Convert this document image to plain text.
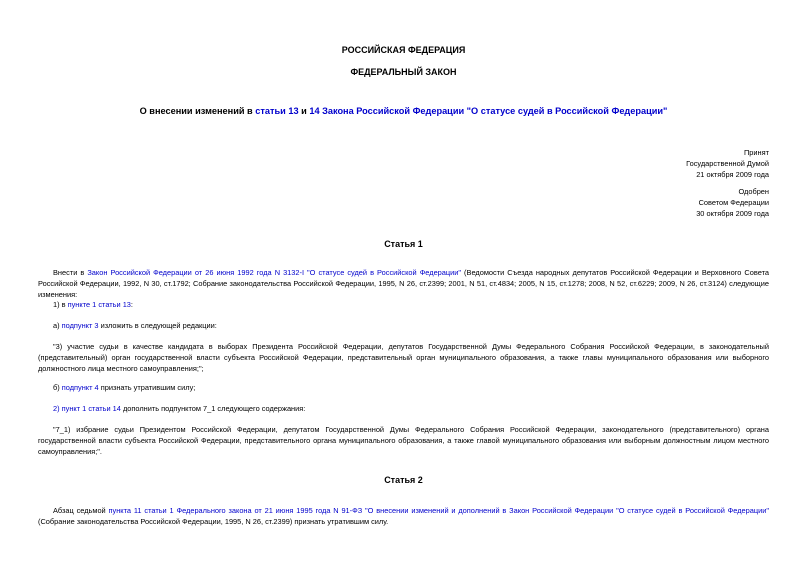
РОССИЙСКАЯ ФЕДЕРАЦИЯ
ФЕДЕРАЛЬНЫЙ ЗАКОН
О внесении изменений в статьи 13 и 14 Закона Российской Федерации "О статусе судей в Российской Федерации"
Принят
Государственной Думой
21 октября 2009 года
Одобрен
Советом Федерации
30 октября 2009 года
Статья 1
Внести в Закон Российской Федерации от 26 июня 1992 года N 3132-I "О статусе судей в Российской Федерации" (Ведомости Съезда народных депутатов Российской Федерации и Верховного Совета Российской Федерации, 1992, N 30, ст.1792; Собрание законодательства Российской Федерации, 1995, N 26, ст.2399; 2001, N 51, ст.4834; 2005, N 15, ст.1278; 2008, N 52, ст.6229; 2009, N 26, ст.3124) следующие изменения:
1) в пункте 1 статьи 13:
а) подпункт 3 изложить в следующей редакции:
"3) участие судьи в качестве кандидата в выборах Президента Российской Федерации, депутатов Государственной Думы Федерального Собрания Российской Федерации, в законодательный (представительный) орган государственной власти субъекта Российской Федерации, представительный орган муниципального образования, а также главы муниципального образования или выборного должностного лица местного самоуправления;";
б) подпункт 4 признать утратившим силу;
2) пункт 1 статьи 14 дополнить подпунктом 7_1 следующего содержания:
"7_1) избрание судьи Президентом Российской Федерации, депутатом Государственной Думы Федерального Собрания Российской Федерации, законодательного (представительного) органа государственной власти субъекта Российской Федерации, представительного органа муниципального образования, а также главой муниципального образования или выборным должностным лицом местного самоуправления;".
Статья 2
Абзац седьмой пункта 11 статьи 1 Федерального закона от 21 июня 1995 года N 91-ФЗ "О внесении изменений и дополнений в Закон Российской Федерации "О статусе судей в Российской Федерации" (Собрание законодательства Российской Федерации, 1995, N 26, ст.2399) признать утратившим силу.
